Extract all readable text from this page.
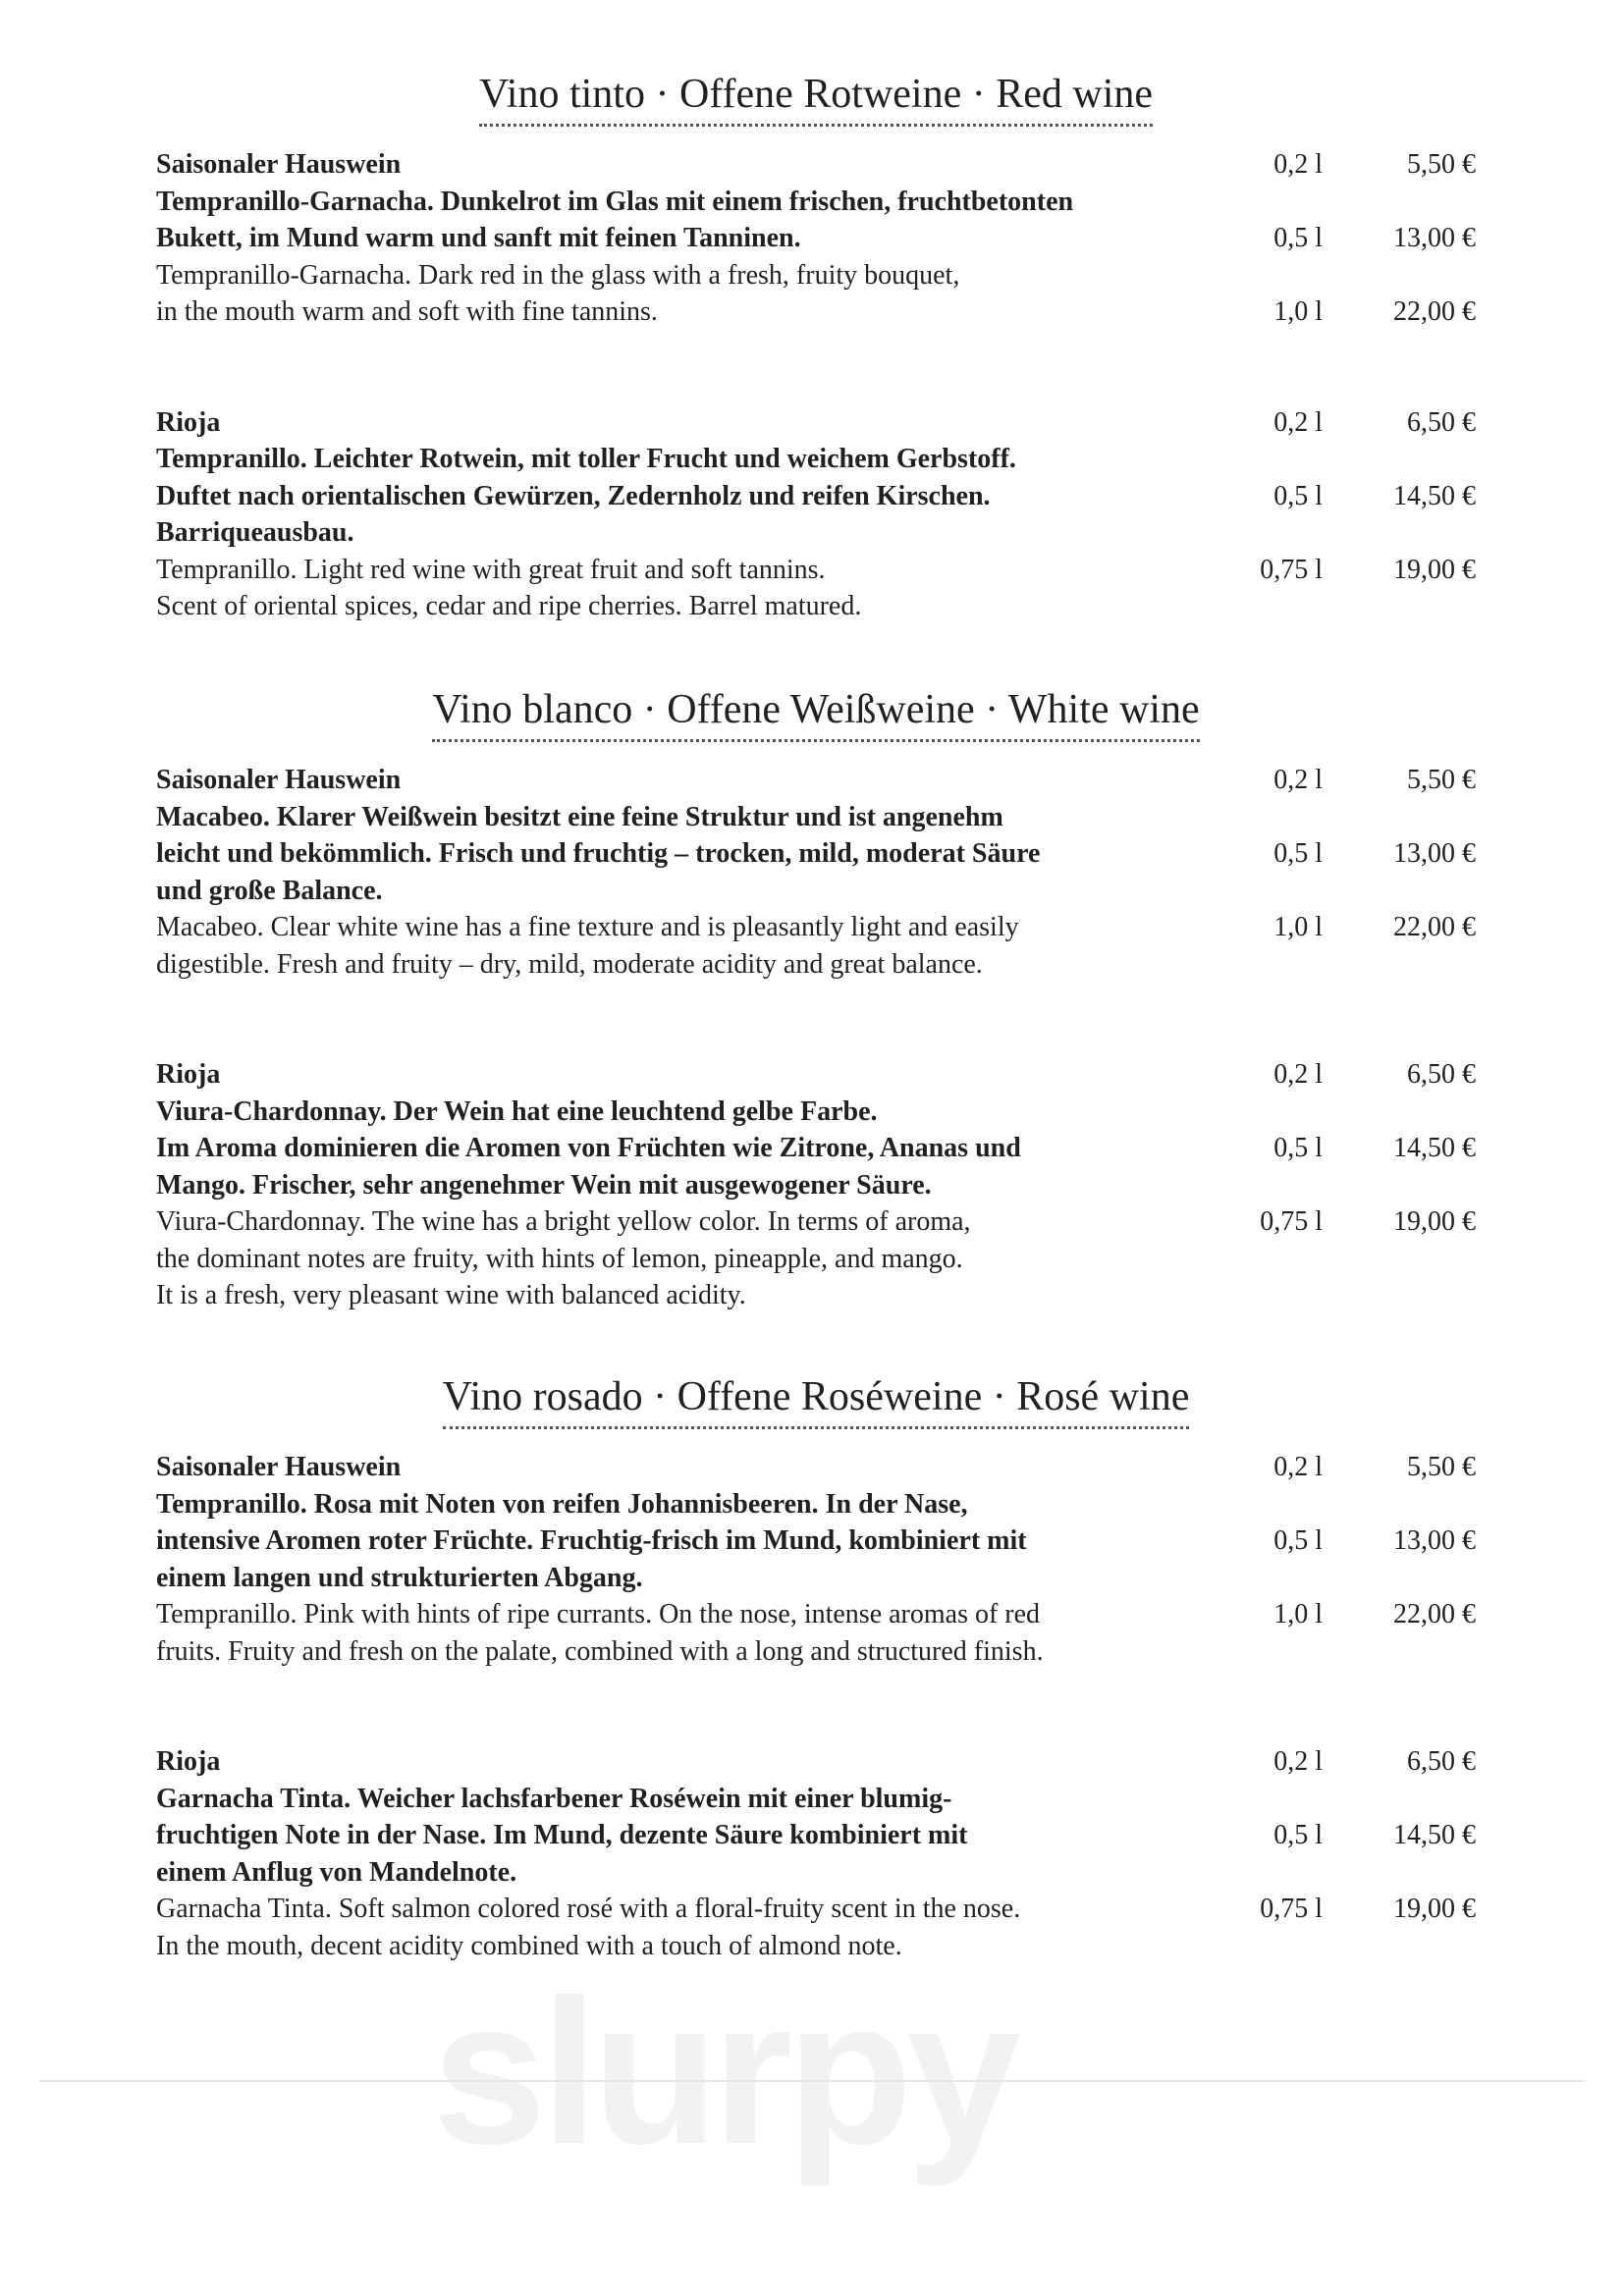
slurpy
Vino tinto · Offene Rotweine · Red wine
Saisonaler Hauswein
Tempranillo-Garnacha. Dunkelrot im Glas mit einem frischen, fruchtbetonten
Bukett, im Mund warm und sanft mit feinen Tanninen.
Tempranillo-Garnacha. Dark red in the glass with a fresh, fruity bouquet,
in the mouth warm and soft with fine tannins.
0,2 l	5,50 €
0,5 l	13,00 €
1,0 l	22,00 €
Rioja
Tempranillo. Leichter Rotwein, mit toller Frucht und weichem Gerbstoff.
Duftet nach orientalischen Gewürzen, Zedernholz und reifen Kirschen.
Barriqueausbau.
Tempranillo. Light red wine with great fruit and soft tannins.
Scent of oriental spices, cedar and ripe cherries. Barrel matured.
0,2 l	6,50 €
0,5 l	14,50 €
0,75 l	19,00 €
Vino blanco · Offene Weißweine · White wine
Saisonaler Hauswein
Macabeo. Klarer Weißwein besitzt eine feine Struktur und ist angenehm
leicht und bekömmlich. Frisch und fruchtig – trocken, mild, moderat Säure
und große Balance.
Macabeo. Clear white wine has a fine texture and is pleasantly light and easily
digestible. Fresh and fruity – dry, mild, moderate acidity and great balance.
0,2 l	5,50 €
0,5 l	13,00 €
1,0 l	22,00 €
Rioja
Viura-Chardonnay. Der Wein hat eine leuchtend gelbe Farbe.
Im Aroma dominieren die Aromen von Früchten wie Zitrone, Ananas und
Mango. Frischer, sehr angenehmer Wein mit ausgewogener Säure.
Viura-Chardonnay. The wine has a bright yellow color. In terms of aroma,
the dominant notes are fruity, with hints of lemon, pineapple, and mango.
It is a fresh, very pleasant wine with balanced acidity.
0,2 l	6,50 €
0,5 l	14,50 €
0,75 l	19,00 €
Vino rosado · Offene Roséweine · Rosé wine
Saisonaler Hauswein
Tempranillo. Rosa mit Noten von reifen Johannisbeeren. In der Nase,
intensive Aromen roter Früchte. Fruchtig-frisch im Mund, kombiniert mit
einem langen und strukturierten Abgang.
Tempranillo. Pink with hints of ripe currants. On the nose, intense aromas of red
fruits. Fruity and fresh on the palate, combined with a long and structured finish.
0,2 l	5,50 €
0,5 l	13,00 €
1,0 l	22,00 €
Rioja
Garnacha Tinta. Weicher lachsfarbener Roséwein mit einer blumig-
fruchtigen Note in der Nase. Im Mund, dezente Säure kombiniert mit
einem Anflug von Mandelnote.
Garnacha Tinta. Soft salmon colored rosé with a floral-fruity scent in the nose.
In the mouth, decent acidity combined with a touch of almond note.
0,2 l	6,50 €
0,5 l	14,50 €
0,75 l	19,00 €
